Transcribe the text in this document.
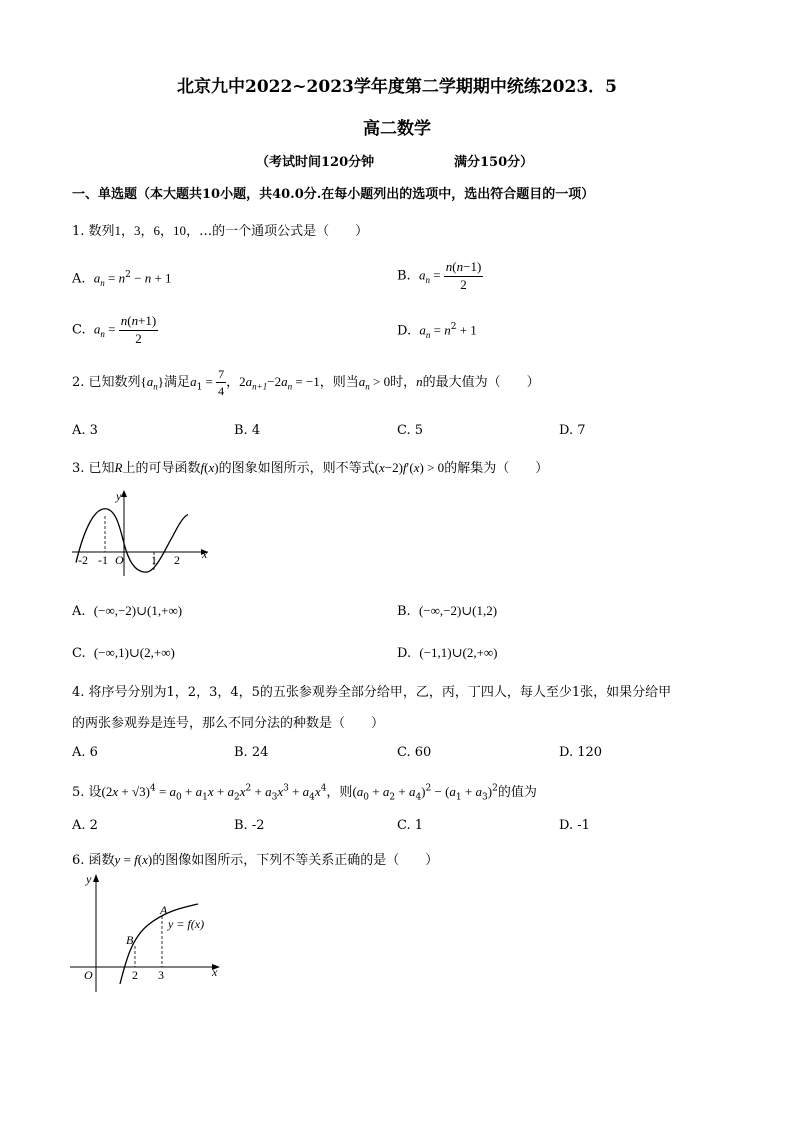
北京九中2022~2023学年度第二学期期中统练2023．5
高二数学
（考试时间120分钟	满分150分）
一、单选题（本大题共10小题，共40.0分.在每小题列出的选项中，选出符合题目的一项）
1. 数列1，3，6，10，…的一个通项公式是（　　）
A. $a_n = n^2 - n + 1$	B. $a_n = \frac{n(n-1)}{2}$
C. $a_n = \frac{n(n+1)}{2}$	D. $a_n = n^2 + 1$
2. 已知数列$\{a_n\}$满足$a_1 = \frac{7}{4}$ ，$2a_{n+1}-2a_n = -1$，则当$a_n > 0$时，n的最大值为（　　）
A. 3	B. 4	C. 5	D. 7
3. 已知R上的可导函数f(x)的图象如图所示，则不等式(x−2)f′(x) > 0的解集为（　　）
y
x
O
-2 -1	1 2
A. (−∞,−2)∪(1,+∞)	B. (−∞,−2)∪(1,2)
C. (−∞,1)∪(2,+∞)	D. (−1,1)∪(2,+∞)
4. 将序号分别为1，2，3，4，5的五张参观券全部分给甲，乙，丙，丁四人，每人至少1张，如果分给甲
的两张参观券是连号，那么不同分法的种数是（　　）
A. 6	B. 24	C. 60	D. 120
5. 设$(2x + √3)^4 = a_0 + a_1x + a_2x^2 + a_3x^3 + a_4x^4$，则$(a_0 + a_2 + a_4)^2 - (a_1 + a_3)^2$的值为
A. 2	B. -2	C. 1	D. -1
6. 函数y = f(x)的图像如图所示，下列不等关系正确的是（　　）
y
x
O
A
B
y = f(x)
2 3
